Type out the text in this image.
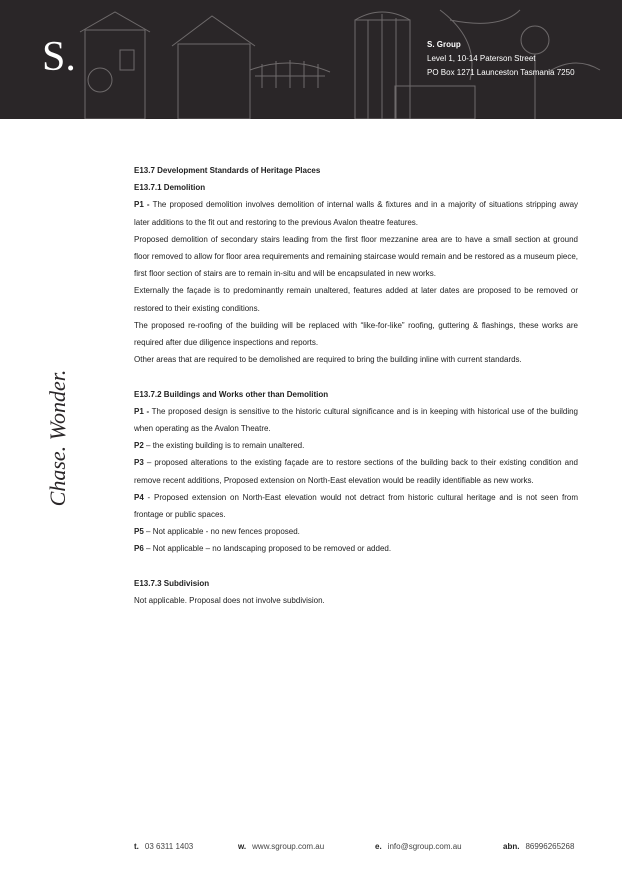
S.	S. Group
Level 1, 10-14 Paterson Street
PO Box 1271 Launceston Tasmania 7250
Chase. Wonder.

E13.7 Development Standards of Heritage Places

E13.7.1 Demolition

P1 - The proposed demolition involves demolition of internal walls & fixtures and in a majority of situations stripping away later additions to the fit out and restoring to the previous Avalon theatre features.

Proposed demolition of secondary stairs leading from the first floor mezzanine area are to have a small section at ground floor removed to allow for floor area requirements and remaining staircase would remain and be restored as a museum piece, first floor section of stairs are to remain in-situ and will be encapsulated in new works.

Externally the façade is to predominantly remain unaltered, features added at later dates are proposed to be removed or restored to their existing conditions.

The proposed re-roofing of the building will be replaced with “like-for-like” roofing, guttering & flashings, these works are required after due diligence inspections and reports.

Other areas that are required to be demolished are required to bring the building inline with current standards.

E13.7.2 Buildings and Works other than Demolition

P1 - The proposed design is sensitive to the historic cultural significance and is in keeping with historical use of the building when operating as the Avalon Theatre.

P2 – the existing building is to remain unaltered.

P3 – proposed alterations to the existing façade are to restore sections of the building back to their existing condition and remove recent additions, Proposed extension on North-East elevation would be readily identifiable as new works.

P4 - Proposed extension on North-East elevation would not detract from historic cultural heritage and is not seen from frontage or public spaces.

P5 – Not applicable - no new fences proposed.

P6 – Not applicable – no landscaping proposed to be removed or added.

E13.7.3 Subdivision

Not applicable. Proposal does not involve subdivision.

t. 03 6311 1403	w. www.sgroup.com.au	e. info@sgroup.com.au	abn. 86996265268
